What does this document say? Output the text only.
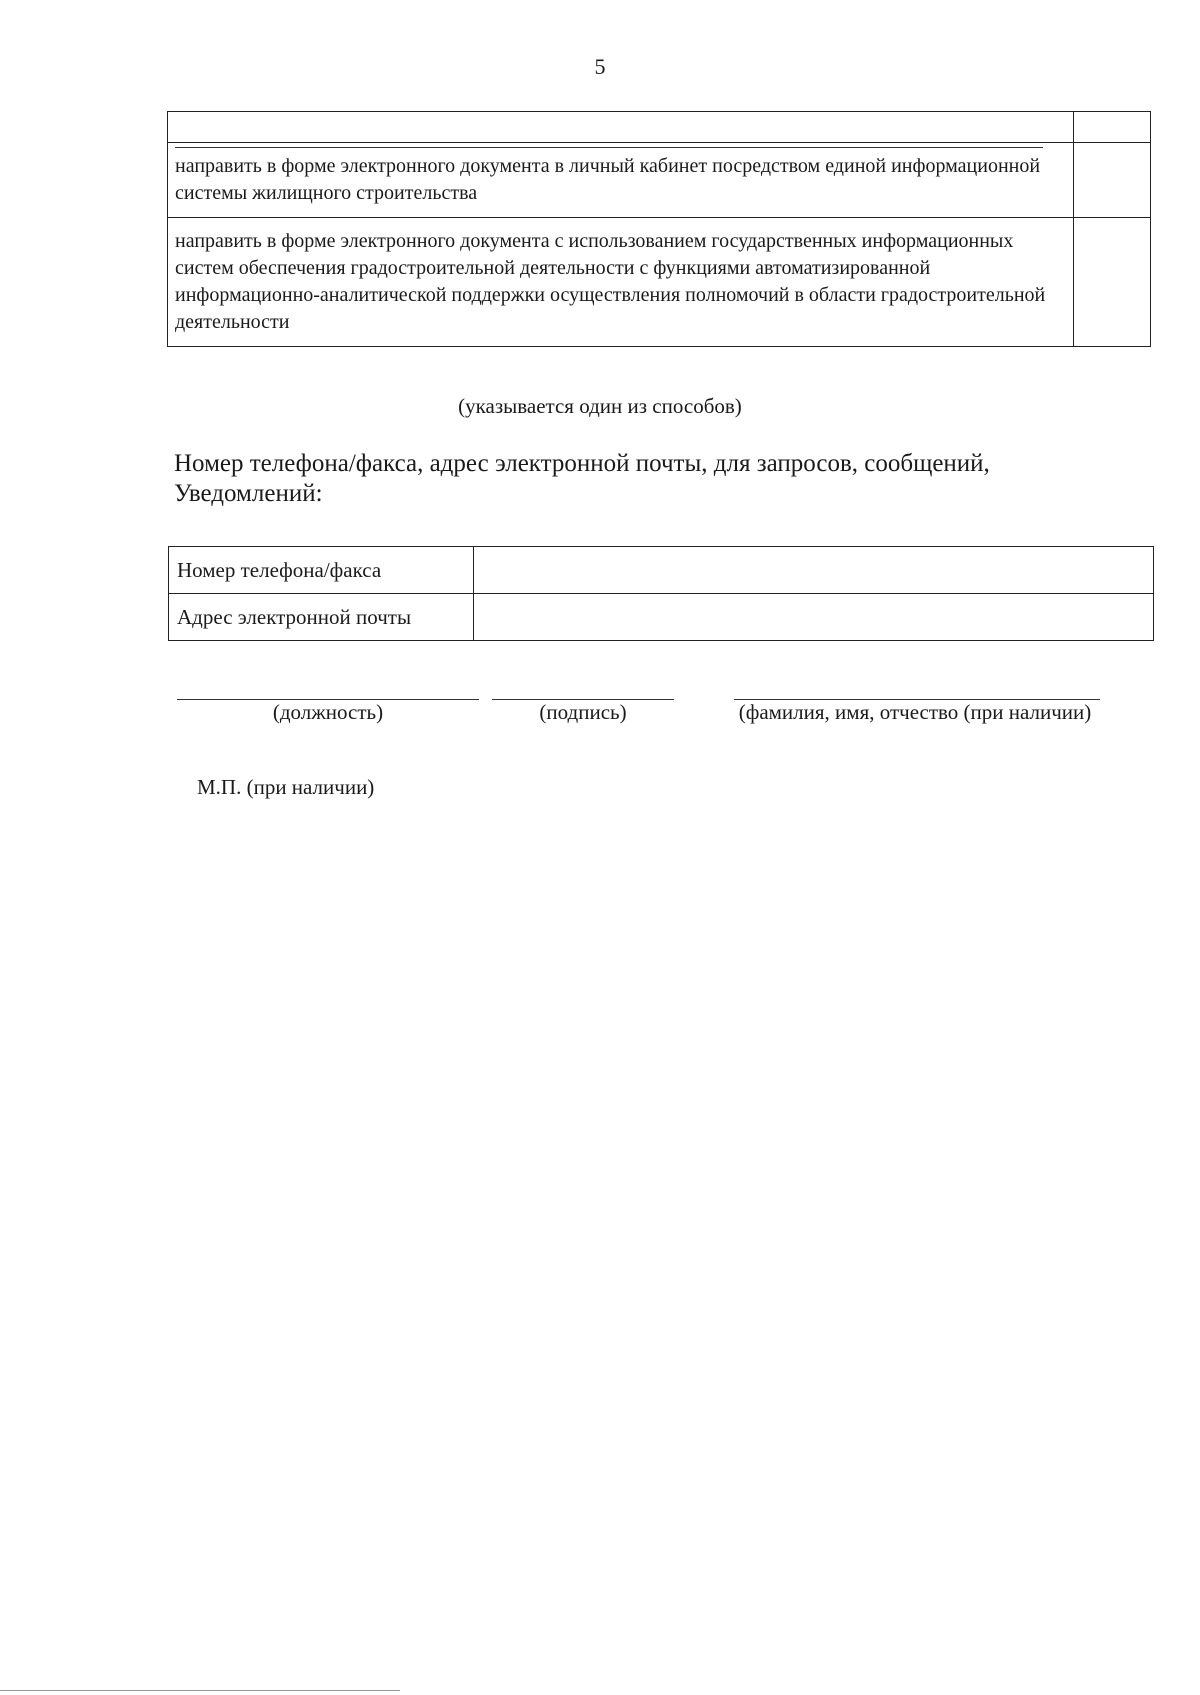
5

направить в форме электронного документа в личный кабинет посредством единой информационной системы жилищного строительства	
направить в форме электронного документа с использованием государственных информационных систем обеспечения градостроительной деятельности с функциями автоматизированной информационно-аналитической поддержки осуществления полномочий в области градостроительной деятельности	
(указывается один из способов)
Номер телефона/факса, адрес электронной почты, для запросов, сообщений, Уведомлений:
Номер телефона/факса	
Адрес электронной почты	
(должность)	(подпись)	(фамилия, имя, отчество (при наличии)
М.П. (при наличии)
